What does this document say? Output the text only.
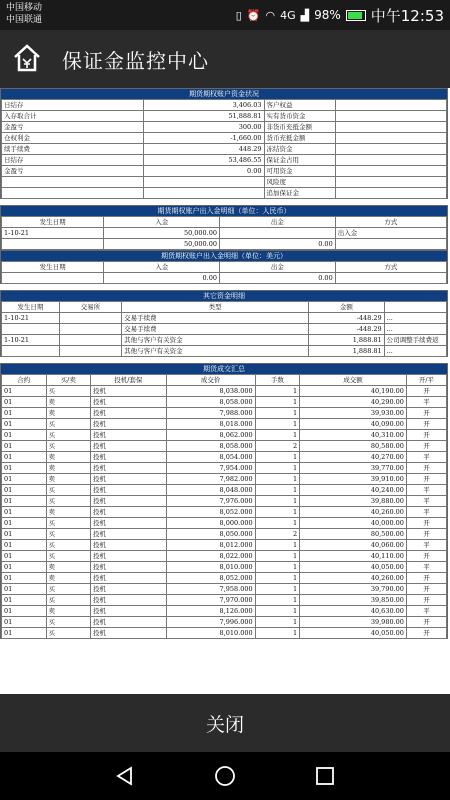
中国移动
中国联通	▯ ⏰ ◠ 4G ▟ 98% 中午12:53
保证金监控中心
期货期权账户资金状况
日结存	3,406.03	客户权益	
入存取合计	51,888.81	实有货币资金	
金盈亏	300.00	非货币充抵金额	
仓权利金	-1,660.00	货币充抵金额	
续手续费	448.29	冻结资金	
日结存	53,486.55	保证金占用	
金盈亏	0.00	可用资金	
		风险度	
		追加保证金	
期货期权账户出入金明细（单位：人民币）
发生日期	入金	出金	方式
1-10-21	50,000.00		出入金
	50,000.00	0.00	
期货期权账户出入金明细（单位：美元）
发生日期	入金	出金	方式
	0.00	0.00	
其它资金明细
发生日期	交易所	类型	金额	
1-10-21		交易手续费	-448.29	...
		交易手续费	-448.29	...
1-10-21		其他与客户有关资金	1,888.81	公司调整手续费返
		其他与客户有关资金	1,888.81	...
期货成交汇总
合约	买/卖	投机/套保	成交价	手数	成交额	开/平
01	买	投机	8,038.000	1	40,190.00	开
01	卖	投机	8,058.000	1	40,290.00	平
01	卖	投机	7,988.000	1	39,930.00	开
01	买	投机	8,018.000	1	40,090.00	开
01	买	投机	8,062.000	1	40,310.00	开
01	买	投机	8,058.000	2	80,580.00	开
01	卖	投机	8,054.000	1	40,270.00	平
01	卖	投机	7,954.000	1	39,770.00	开
01	卖	投机	7,982.000	1	39,910.00	开
01	买	投机	8,048.000	1	40,240.00	平
01	买	投机	7,976.000	1	39,880.00	平
01	卖	投机	8,052.000	1	40,260.00	平
01	买	投机	8,000.000	1	40,000.00	开
01	买	投机	8,050.000	2	80,500.00	开
01	买	投机	8,012.000	1	40,060.00	平
01	买	投机	8,022.000	1	40,110.00	开
01	卖	投机	8,010.000	1	40,050.00	平
01	卖	投机	8,052.000	1	40,260.00	开
01	买	投机	7,958.000	1	39,790.00	开
01	买	投机	7,970.000	1	39,850.00	开
01	卖	投机	8,126.000	1	40,630.00	平
01	买	投机	7,996.000	1	39,980.00	开
01	买	投机	8,010.000	1	40,050.00	开
关闭
